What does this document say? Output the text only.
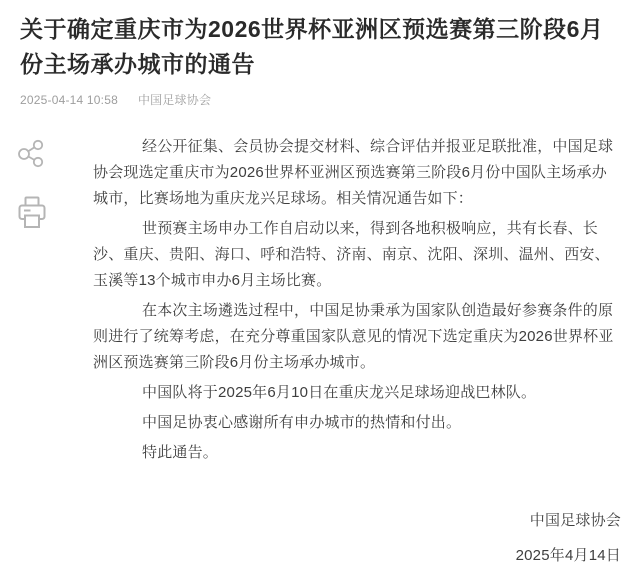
关于确定重庆市为2026世界杯亚洲区预选赛第三阶段6月份主场承办城市的通告
2025-04-14 10:58 中国足球协会

经公开征集、会员协会提交材料、综合评估并报亚足联批准，中国足球协会现选定重庆市为2026世界杯亚洲区预选赛第三阶段6月份中国队主场承办城市，比赛场地为重庆龙兴足球场。相关情况通告如下：

世预赛主场申办工作自启动以来，得到各地积极响应，共有长春、长沙、重庆、贵阳、海口、呼和浩特、济南、南京、沈阳、深圳、温州、西安、玉溪等13个城市申办6月主场比赛。

在本次主场遴选过程中，中国足协秉承为国家队创造最好参赛条件的原则进行了统筹考虑，在充分尊重国家队意见的情况下选定重庆为2026世界杯亚洲区预选赛第三阶段6月份主场承办城市。

中国队将于2025年6月10日在重庆龙兴足球场迎战巴林队。

中国足协衷心感谢所有申办城市的热情和付出。

特此通告。

中国足球协会
2025年4月14日
